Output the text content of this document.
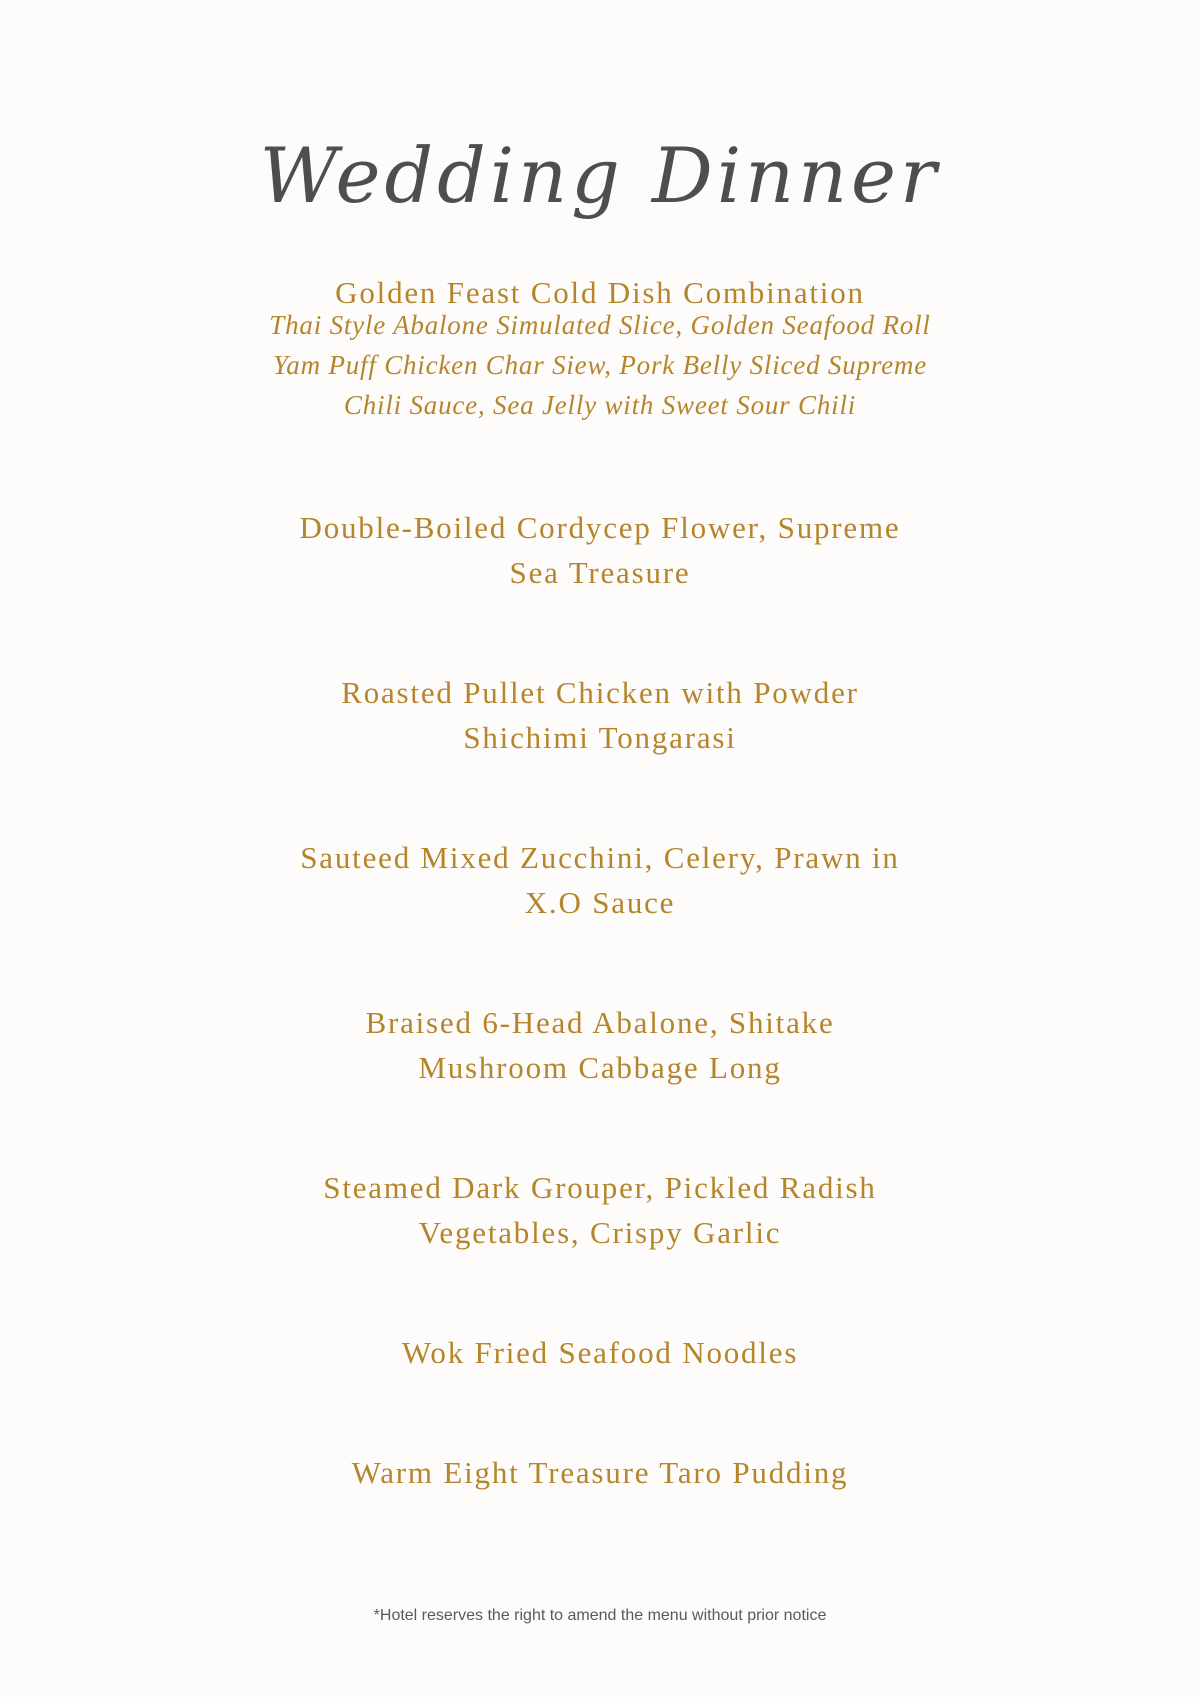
Wedding Dinner
Golden Feast Cold Dish Combination
Thai Style Abalone Simulated Slice, Golden Seafood Roll
Yam Puff Chicken Char Siew, Pork Belly Sliced Supreme
Chili Sauce, Sea Jelly with Sweet Sour Chili
Double-Boiled Cordycep Flower, Supreme
Sea Treasure
Roasted Pullet Chicken with Powder
Shichimi Tongarasi
Sauteed Mixed Zucchini, Celery, Prawn in
X.O Sauce
Braised 6-Head Abalone, Shitake
Mushroom Cabbage Long
Steamed Dark Grouper, Pickled Radish
Vegetables, Crispy Garlic
Wok Fried Seafood Noodles
Warm Eight Treasure Taro Pudding
*Hotel reserves the right to amend the menu without prior notice
